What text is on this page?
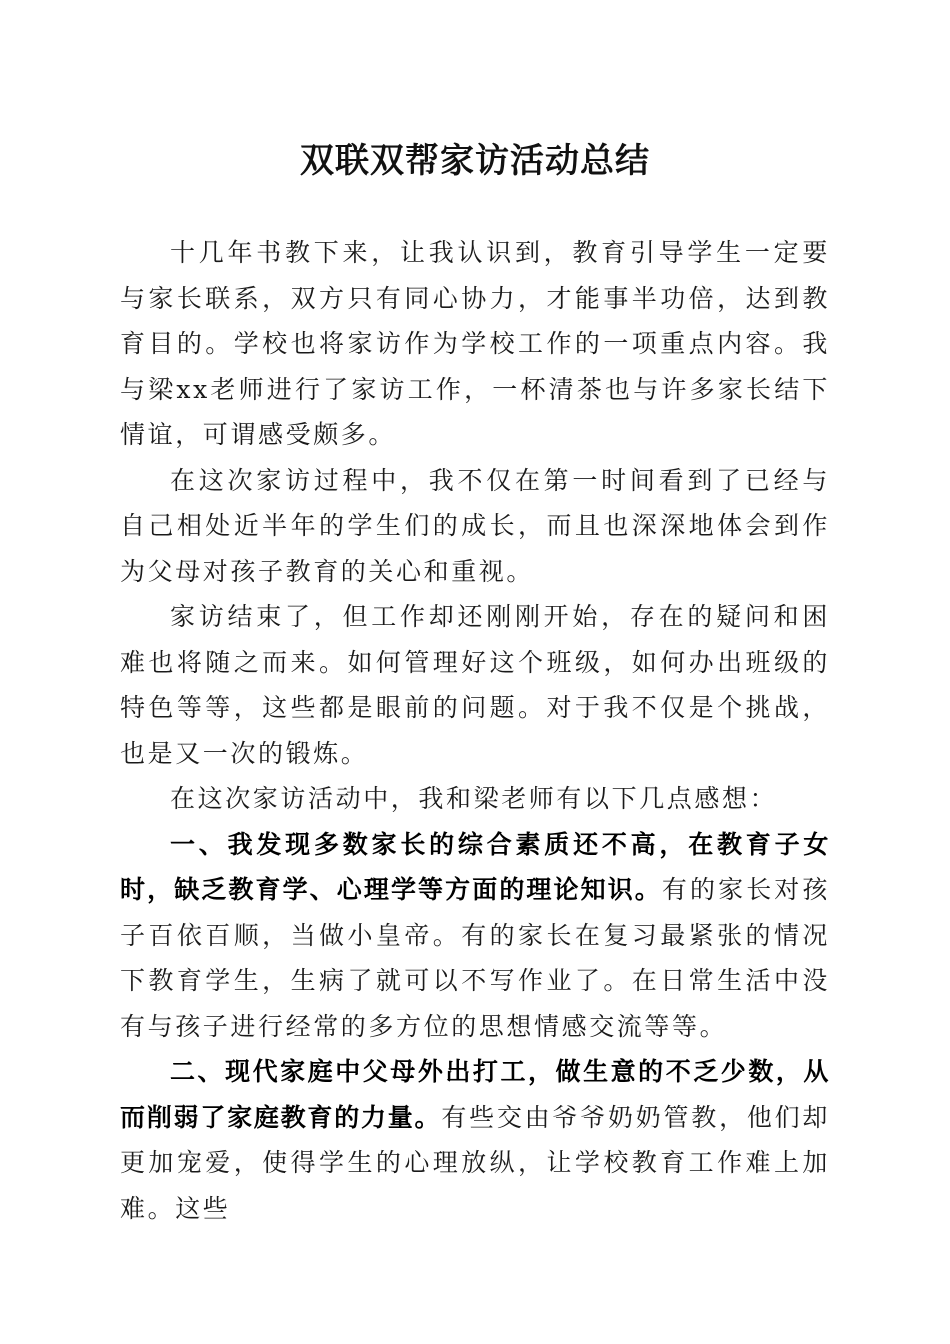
双联双帮家访活动总结

十几年书教下来，让我认识到，教育引导学生一定要与家长联系，双方只有同心协力，才能事半功倍，达到教育目的。学校也将家访作为学校工作的一项重点内容。我与梁xx老师进行了家访工作，一杯清茶也与许多家长结下情谊，可谓感受颇多。

在这次家访过程中，我不仅在第一时间看到了已经与自己相处近半年的学生们的成长，而且也深深地体会到作为父母对孩子教育的关心和重视。

家访结束了，但工作却还刚刚开始，存在的疑问和困难也将随之而来。如何管理好这个班级，如何办出班级的特色等等，这些都是眼前的问题。对于我不仅是个挑战，也是又一次的锻炼。

在这次家访活动中，我和梁老师有以下几点感想：

一、我发现多数家长的综合素质还不高，在教育子女时，缺乏教育学、心理学等方面的理论知识。有的家长对孩子百依百顺，当做小皇帝。有的家长在复习最紧张的情况下教育学生，生病了就可以不写作业了。在日常生活中没有与孩子进行经常的多方位的思想情感交流等等。

二、现代家庭中父母外出打工，做生意的不乏少数，从而削弱了家庭教育的力量。有些交由爷爷奶奶管教，他们却更加宠爱，使得学生的心理放纵，让学校教育工作难上加难。这些
